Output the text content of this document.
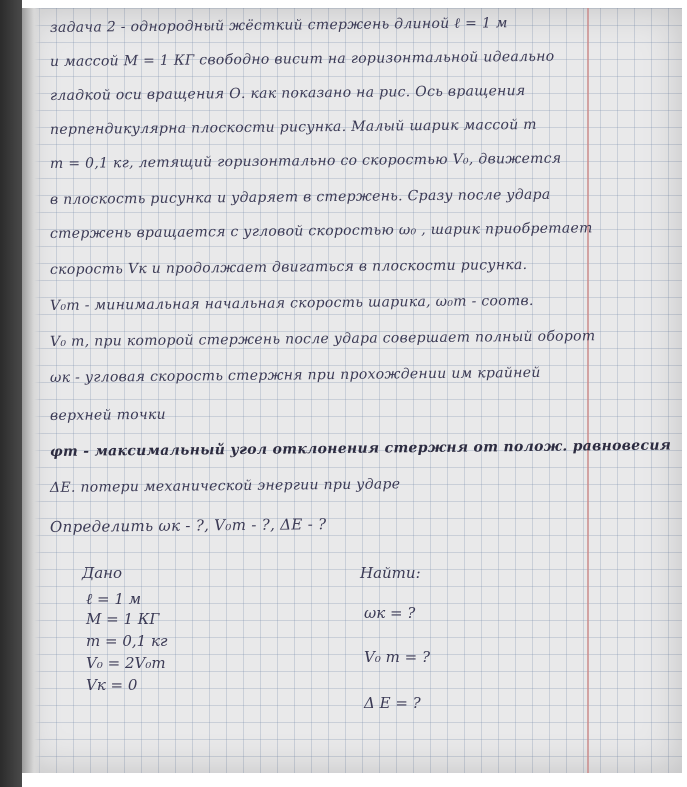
задача 2 - однородный жёсткий стержень длиной ℓ = 1 м
и массой М = 1 КГ свободно висит на горизонтальной идеально
гладкой оси вращения О. как показано на рис. Ось вращения
перпендикулярна плоскости рисунка. Малый шарик массой m
m = 0,1 кг, летящий горизонтально со скоростью V₀, движется
в плоскость рисунка и ударяет в стержень. Сразу после удара
стержень вращается с угловой скоростью ω₀ , шарик приобретает
скорость Vк и продолжает двигаться в плоскости рисунка.
V₀m - минимальная начальная скорость шарика, ω₀m - соотв.
V₀ m, при которой стержень после удара совершает полный оборот
ωк - угловая скорость стержня при прохождении им крайней
верхней точки
φm - максимальный угол отклонения стержня от полож. равновесия
ΔE. потери механической энергии при ударе
Определить ωк - ?, V₀m - ?, ΔE - ?
Дано
ℓ = 1 м
М = 1 КГ
m = 0,1 кг
V₀ = 2V₀m
Vк = 0
Найти:
ωк = ?
V₀ m = ?
Δ E = ?
